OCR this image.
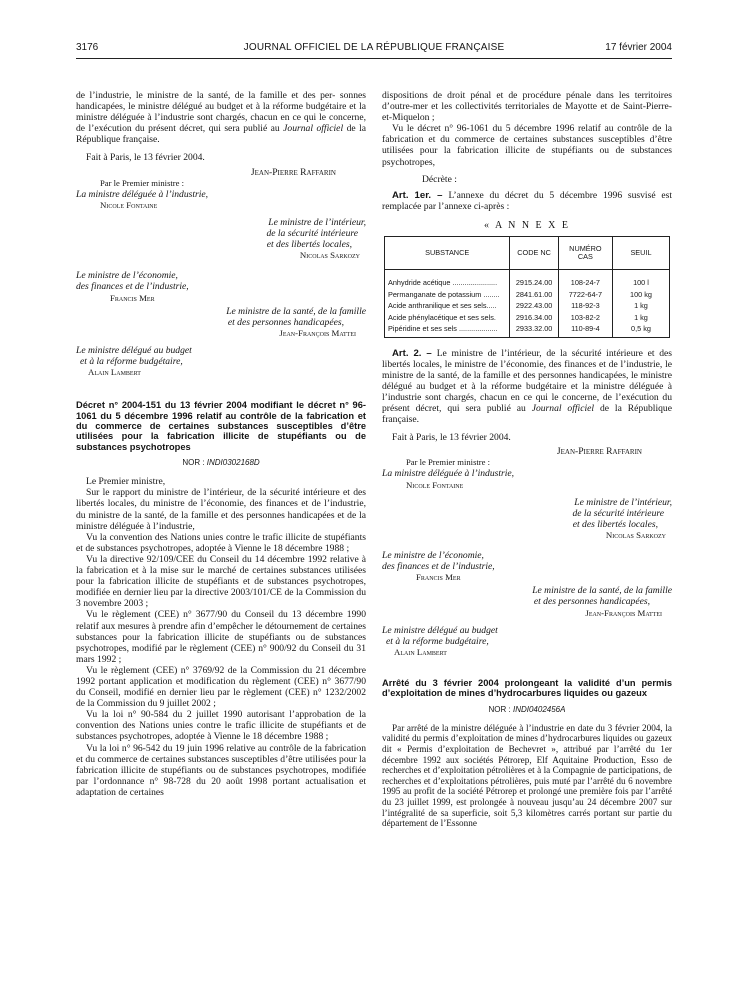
3176	JOURNAL OFFICIEL DE LA RÉPUBLIQUE FRANÇAISE	17 février 2004

de l’industrie, le ministre de la santé, de la famille et des per- sonnes handicapées, le ministre délégué au budget et à la réforme budgétaire et la ministre déléguée à l’industrie sont chargés, chacun en ce qui le concerne, de l’exécution du présent décret, qui sera publié au Journal officiel de la République française.

Fait à Paris, le 13 février 2004.

Jean-Pierre Raffarin

Par le Premier ministre :

La ministre déléguée à l’industrie,

Nicole Fontaine

Le ministre de l’intérieur,

de la sécurité intérieure

et des libertés locales,

Nicolas Sarkozy

Le ministre de l’économie,

des finances et de l’industrie,

Francis Mer

Le ministre de la santé, de la famille

et des personnes handicapées,

Jean-François Mattei

Le ministre délégué au budget

et à la réforme budgétaire,

Alain Lambert

Décret n° 2004-151 du 13 février 2004 modifiant le décret n° 96-1061 du 5 décembre 1996 relatif au contrôle de la fabrication et du commerce de certaines substances susceptibles d’être utilisées pour la fabrication illicite de stupéfiants ou de substances psychotropes

NOR : INDI0302168D

Le Premier ministre,

Sur le rapport du ministre de l’intérieur, de la sécurité intérieure et des libertés locales, du ministre de l’économie, des finances et de l’industrie, du ministre de la santé, de la famille et des personnes handicapées et de la ministre déléguée à l’industrie,

Vu la convention des Nations unies contre le trafic illicite de stupéfiants et de substances psychotropes, adoptée à Vienne le 18 décembre 1988 ;

Vu la directive 92/109/CEE du Conseil du 14 décembre 1992 relative à la fabrication et à la mise sur le marché de certaines substances utilisées pour la fabrication illicite de stupéfiants et de substances psychotropes, modifiée en dernier lieu par la directive 2003/101/CE de la Commission du 3 novembre 2003 ;

Vu le règlement (CEE) n° 3677/90 du Conseil du 13 décembre 1990 relatif aux mesures à prendre afin d’empêcher le détournement de certaines substances pour la fabrication illicite de stupéfiants ou de substances psychotropes, modifié par le règlement (CEE) n° 900/92 du Conseil du 31 mars 1992 ;

Vu le règlement (CEE) n° 3769/92 de la Commission du 21 décembre 1992 portant application et modification du règlement (CEE) n° 3677/90 du Conseil, modifié en dernier lieu par le règlement (CEE) n° 1232/2002 de la Commission du 9 juillet 2002 ;

Vu la loi n° 90-584 du 2 juillet 1990 autorisant l’approbation de la convention des Nations unies contre le trafic illicite de stupéfiants et de substances psychotropes, adoptée à Vienne le 18 décembre 1988 ;

Vu la loi n° 96-542 du 19 juin 1996 relative au contrôle de la fabrication et du commerce de certaines substances susceptibles d’être utilisées pour la fabrication illicite de stupéfiants ou de substances psychotropes, modifiée par l’ordonnance n° 98-728 du 20 août 1998 portant actualisation et adaptation de certaines

dispositions de droit pénal et de procédure pénale dans les territoires d’outre-mer et les collectivités territoriales de Mayotte et de Saint-Pierre-et-Miquelon ;

Vu le décret n° 96-1061 du 5 décembre 1996 relatif au contrôle de la fabrication et du commerce de certaines substances susceptibles d’être utilisées pour la fabrication illicite de stupéfiants ou de substances psychotropes,

Décrète :

Art. 1er. – L’annexe du décret du 5 décembre 1996 susvisé est remplacée par l’annexe ci-après :

« A N N E X E

SUBSTANCE	CODE NC	NUMÉRO CAS	SEUIL
Anhydride acétique ......................	2915.24.00	108-24-7	100 l
Permanganate de potassium ........	2841.61.00	7722-64-7	100 kg
Acide anthranilique et ses sels.....	2922.43.00	118-92-3	1 kg
Acide phénylacétique et ses sels.	2916.34.00	103-82-2	1 kg
Pipéridine et ses sels ...................	2933.32.00	110-89-4	0,5 kg

Art. 2. – Le ministre de l’intérieur, de la sécurité intérieure et des libertés locales, le ministre de l’économie, des finances et de l’industrie, le ministre de la santé, de la famille et des personnes handicapées, le ministre délégué au budget et à la réforme budgétaire et la ministre déléguée à l’industrie sont chargés, chacun en ce qui le concerne, de l’exécution du présent décret, qui sera publié au Journal officiel de la République française.

Fait à Paris, le 13 février 2004.

Jean-Pierre Raffarin

Par le Premier ministre :

La ministre déléguée à l’industrie,

Nicole Fontaine

Le ministre de l’intérieur,

de la sécurité intérieure

et des libertés locales,

Nicolas Sarkozy

Le ministre de l’économie,

des finances et de l’industrie,

Francis Mer

Le ministre de la santé, de la famille

et des personnes handicapées,

Jean-François Mattei

Le ministre délégué au budget

et à la réforme budgétaire,

Alain Lambert

Arrêté du 3 février 2004 prolongeant la validité d’un permis d’exploitation de mines d’hydrocarbures liquides ou gazeux

NOR : INDI0402456A

Par arrêté de la ministre déléguée à l’industrie en date du 3 février 2004, la validité du permis d’exploitation de mines d’hydrocarbures liquides ou gazeux dit « Permis d’exploitation de Bechevret », attribué par l’arrêté du 1er décembre 1992 aux sociétés Pétrorep, Elf Aquitaine Production, Esso de recherches et d’exploitation pétrolières et à la Compagnie de participations, de recherches et d’exploitations pétrolières, puis muté par l’arrêté du 6 novembre 1995 au profit de la société Pétrorep et prolongé une première fois par l’arrêté du 23 juillet 1999, est prolongée à nouveau jusqu’au 24 décembre 2007 sur l’intégralité de sa superficie, soit 5,3 kilomètres carrés portant sur partie du département de l’Essonne
